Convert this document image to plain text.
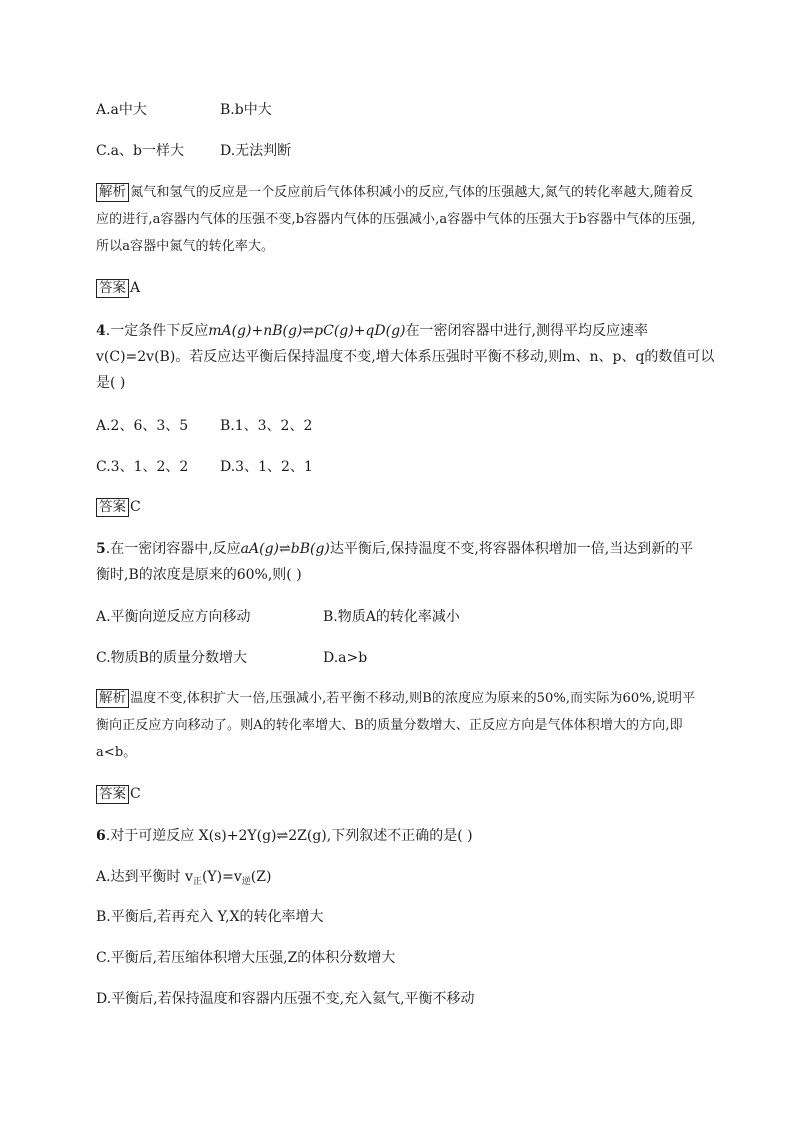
A.a中大	B.b中大
C.a、b一样大	D.无法判断
解析 氮气和氢气的反应是一个反应前后气体体积减小的反应,气体的压强越大,氮气的转化率越大,随着反应的进行,a容器内气体的压强不变,b容器内气体的压强减小,a容器中气体的压强大于b容器中气体的压强,所以a容器中氮气的转化率大。
答案 A
4.一定条件下反应mA(g)+nB(g)⇌pC(g)+qD(g)在一密闭容器中进行,测得平均反应速率
v(C)=2v(B)。若反应达平衡后保持温度不变,增大体系压强时平衡不移动,则m、n、p、q的数值可以
是( )
A.2、6、3、5 B.1、3、2、2
C.3、1、2、2 D.3、1、2、1
答案 C
5.在一密闭容器中,反应aA(g)⇌bB(g)达平衡后,保持温度不变,将容器体积增加一倍,当达到新的平
衡时,B的浓度是原来的60%,则( )
A.平衡向逆反应方向移动	B.物质A的转化率减小
C.物质B的质量分数增大	D.a>b
解析 温度不变,体积扩大一倍,压强减小,若平衡不移动,则B的浓度应为原来的50%,而实际为60%,说明平衡向正反应方向移动了。则A的转化率增大、B的质量分数增大、正反应方向是气体体积增大的方向,即a<b。
答案 C
6.对于可逆反应 X(s)+2Y(g)⇌2Z(g),下列叙述不正确的是( )
A.达到平衡时 $v_正(Y)=v_逆(Z)$
B.平衡后,若再充入 Y,X的转化率增大
C.平衡后,若压缩体积增大压强,Z的体积分数增大
D.平衡后,若保持温度和容器内压强不变,充入氦气,平衡不移动
